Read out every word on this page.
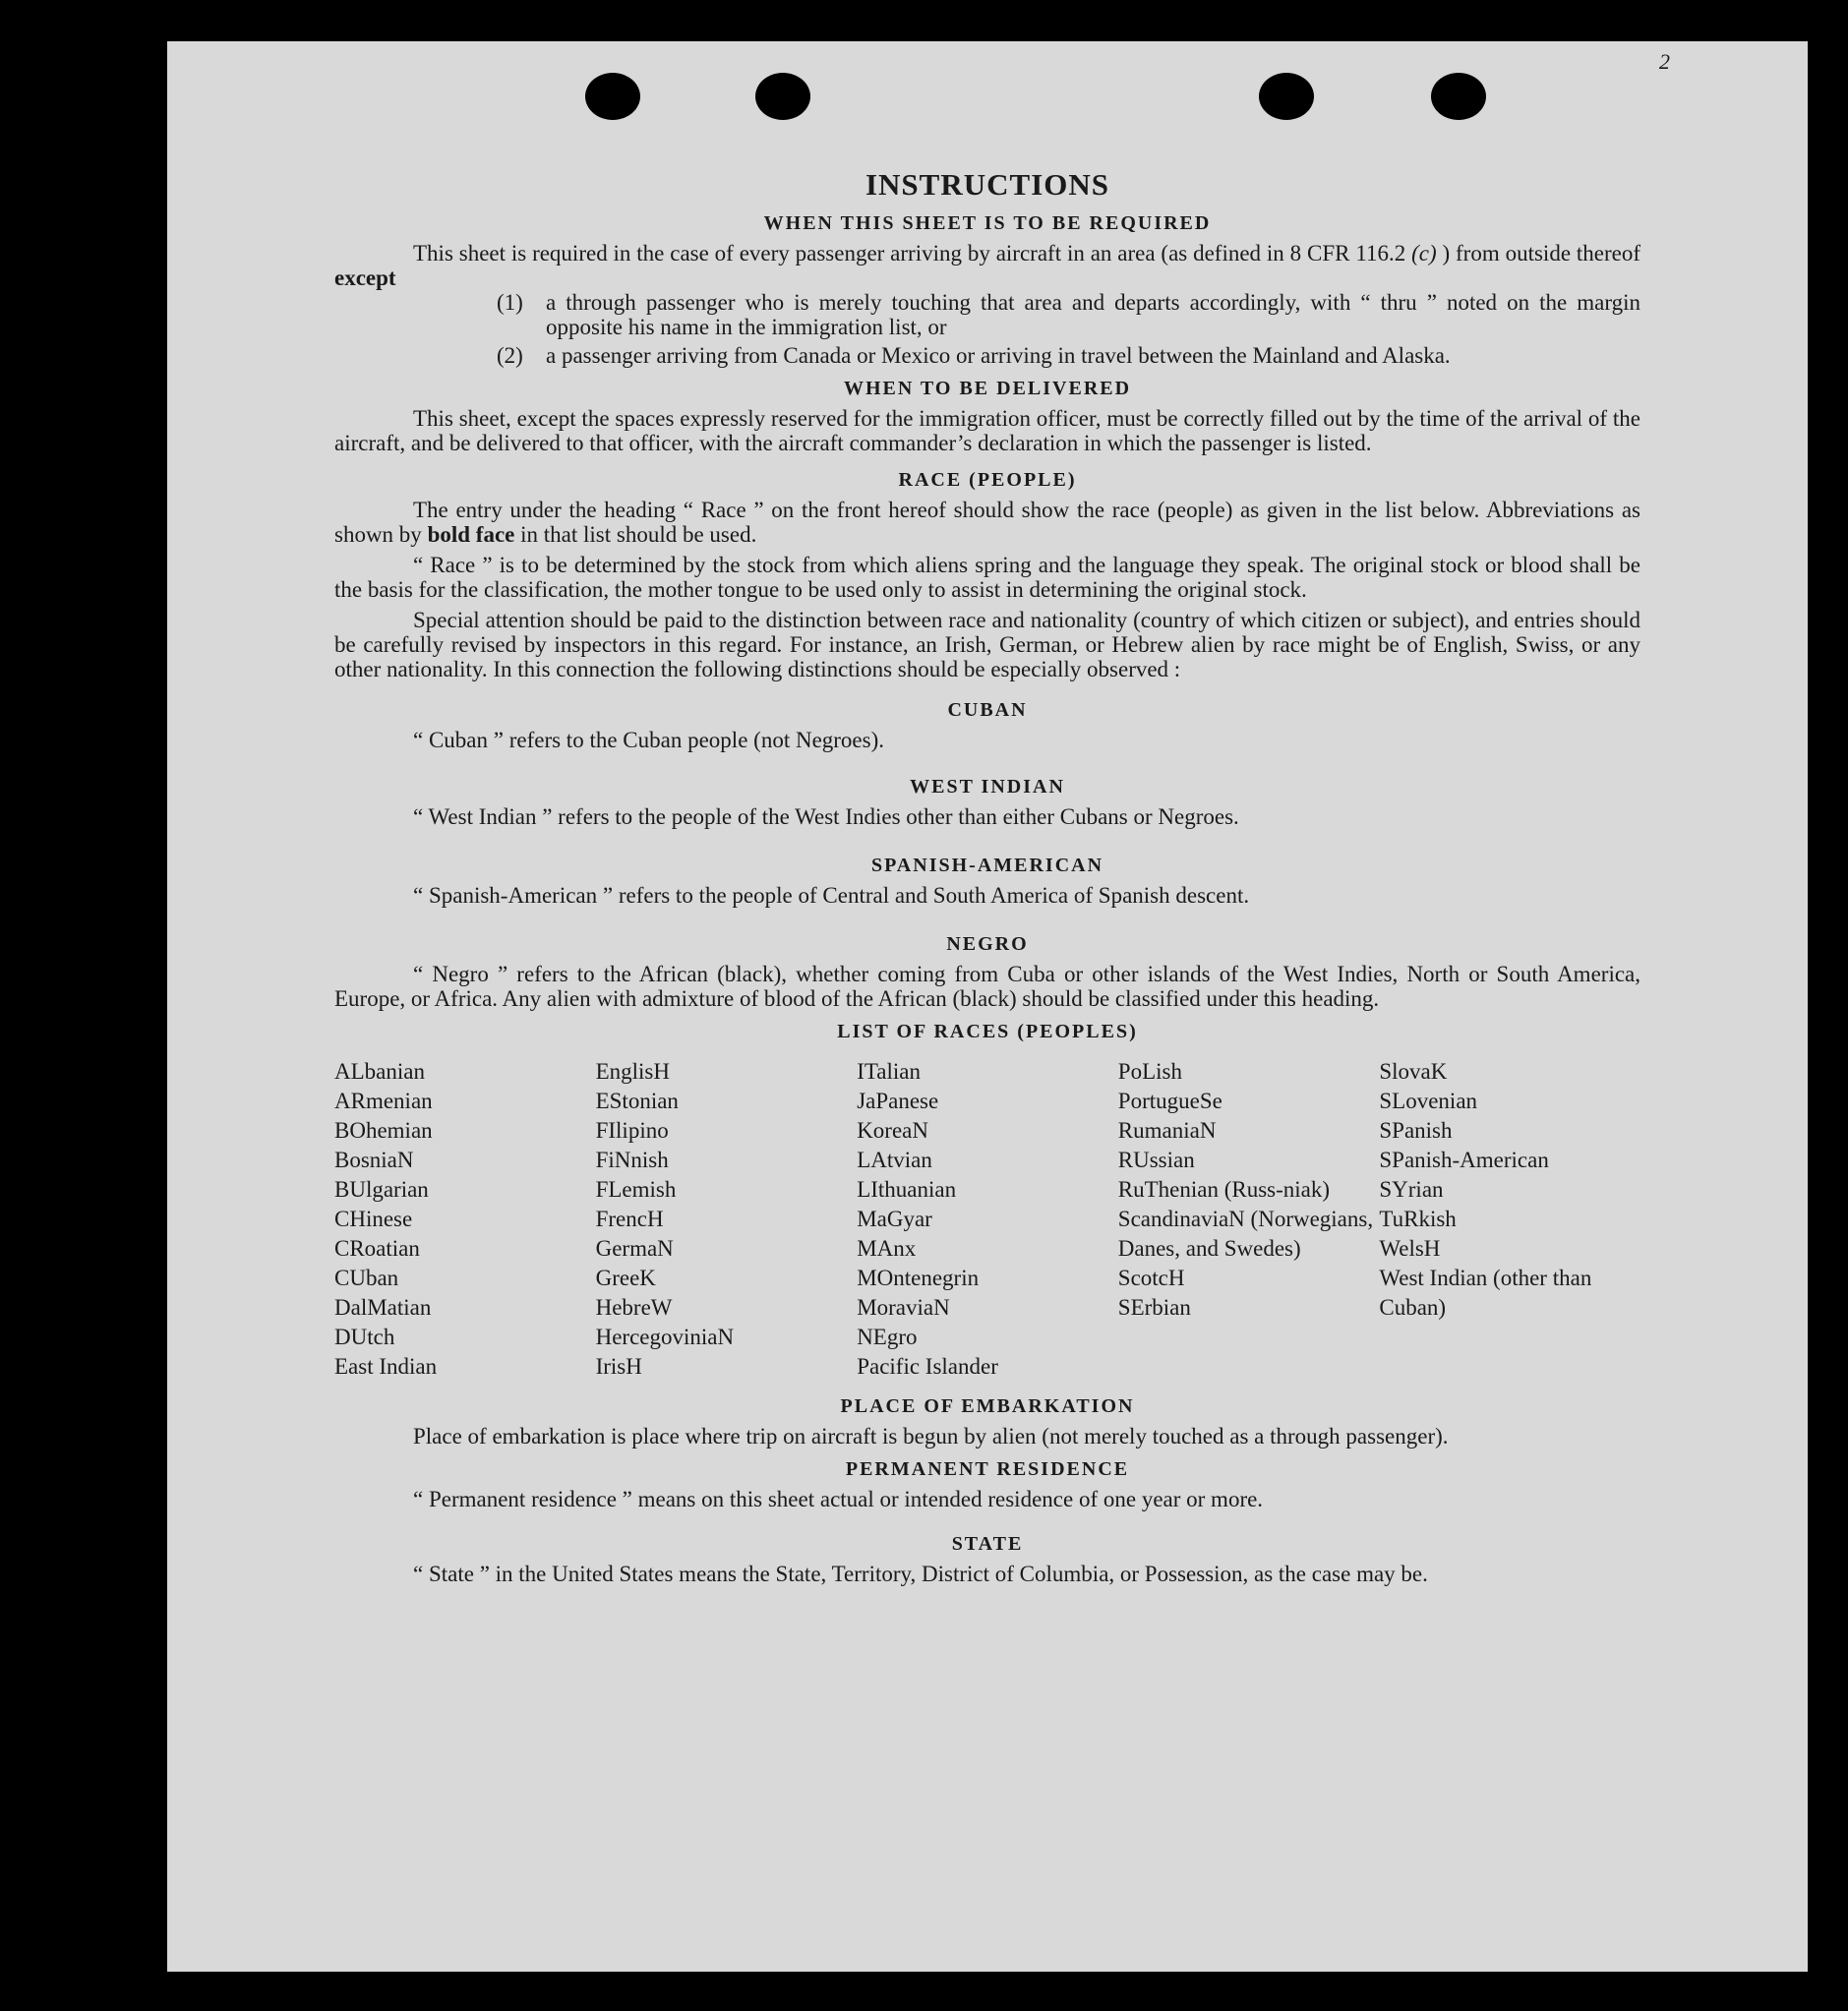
2
INSTRUCTIONS
WHEN THIS SHEET IS TO BE REQUIRED

This sheet is required in the case of every passenger arriving by aircraft in an area (as defined in 8 CFR 116.2 (c) ) from outside thereof except

(1)	a through passenger who is merely touching that area and departs accordingly, with “ thru ” noted on the margin opposite his name in the immigration list, or
(2)	a passenger arriving from Canada or Mexico or arriving in travel between the Mainland and Alaska.
WHEN TO BE DELIVERED

This sheet, except the spaces expressly reserved for the immigration officer, must be correctly filled out by the time of the arrival of the aircraft, and be delivered to that officer, with the aircraft commander’s declaration in which the passenger is listed.

RACE (PEOPLE)

The entry under the heading “ Race ” on the front hereof should show the race (people) as given in the list below. Abbreviations as shown by bold face in that list should be used.

“ Race ” is to be determined by the stock from which aliens spring and the language they speak. The original stock or blood shall be the basis for the classification, the mother tongue to be used only to assist in determining the original stock.

Special attention should be paid to the distinction between race and nationality (country of which citizen or subject), and entries should be carefully revised by inspectors in this regard. For instance, an Irish, German, or Hebrew alien by race might be of English, Swiss, or any other nationality. In this connection the following distinctions should be especially observed :

CUBAN

“ Cuban ” refers to the Cuban people (not Negroes).

WEST INDIAN

“ West Indian ” refers to the people of the West Indies other than either Cubans or Negroes.

SPANISH-AMERICAN

“ Spanish-American ” refers to the people of Central and South America of Spanish descent.

NEGRO

“ Negro ” refers to the African (black), whether coming from Cuba or other islands of the West Indies, North or South America, Europe, or Africa. Any alien with admixture of blood of the African (black) should be classified under this heading.

LIST OF RACES (PEOPLES)
ALbanian
ARmenian
BOhemian
BosniaN
BUlgarian
CHinese
CRoatian
CUban
DalMatian
DUtch
East Indian
EnglisH
EStonian
FIlipino
FiNnish
FLemish
FrencH
GermaN
GreeK
HebreW
HercegoviniaN
IrisH
ITalian
JaPanese
KoreaN
LAtvian
LIthuanian
MaGyar
MAnx
MOntenegrin
MoraviaN
NEgro
Pacific Islander
PoLish
PortugueSe
RumaniaN
RUssian
RuThenian (Russ-niak)
ScandinaviaN (Norwegians, Danes, and Swedes)
ScotcH
SErbian
SlovaK
SLovenian
SPanish
SPanish-American
SYrian
TuRkish
WelsH
West Indian (other than Cuban)
PLACE OF EMBARKATION

Place of embarkation is place where trip on aircraft is begun by alien (not merely touched as a through passenger).

PERMANENT RESIDENCE

“ Permanent residence ” means on this sheet actual or intended residence of one year or more.

STATE

“ State ” in the United States means the State, Territory, District of Columbia, or Possession, as the case may be.
